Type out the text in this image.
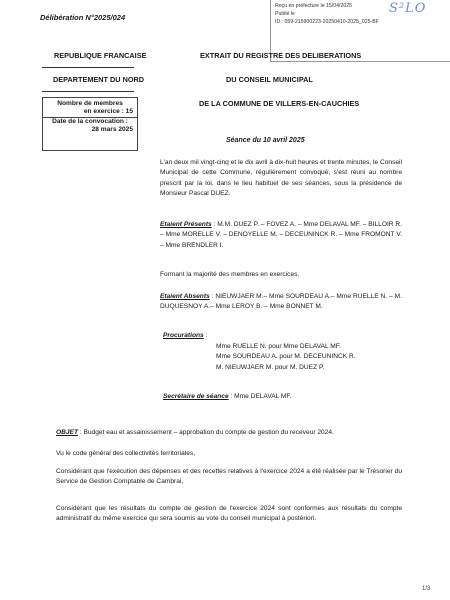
Reçu en préfecture le 15/04/2025
Publié le
ID : 059-215900223-20250410-2025_025-BF
S²LO
Délibération N°2025/024
REPUBLIQUE FRANCAISE
DEPARTEMENT DU NORD
EXTRAIT DU REGISTRE DES DELIBERATIONS
DU CONSEIL MUNICIPAL
DE LA COMMUNE DE VILLERS-EN-CAUCHIES
Nombre de membres
en exercice : 15
Date de la convocation :
28 mars 2025
Séance du 10 avril 2025
L'an deux mil vingt-cinq et le dix avril à dix-huit heures et trente minutes, le Conseil Municipal de cette Commune, régulièrement convoqué, s'est réuni au nombre prescrit par la loi, dans le lieu habituel de ses séances, sous la présidence de Monsieur Pascal DUEZ.
Etaient Présents : M.M. DUEZ P. – FOVEZ A. – Mme DELAVAL MF. – BILLOIR R. – Mme MORELLE V. – DENOYELLE M. – DECEUNINCK R. – Mme FROMONT V. – Mme BRENDLER I.
Formant la majorité des membres en exercices.
Etaient Absents : NIEUWJAER M.– Mme SOURDEAU A.– Mme RUELLE N. – M. DUQUESNOY A.– Mme LEROY B. – Mme BONNET M.
Procurations :
Mme RUELLE N. pour Mme DELAVAL MF.
Mme SOURDEAU A. pour M. DECEUNINCK R.
M. NIEUWJAER M. pour M. DUEZ P.
Secrétaire de séance : Mme DELAVAL MF.
OBJET : Budget eau et assainissement – approbation du compte de gestion du receveur 2024.
Vu le code général des collectivités territoriales,
Considérant que l'exécution des dépenses et des recettes relatives à l'exercice 2024 a été réalisée par le Trésorier du Service de Gestion Comptable de Cambrai,
Considérant que les résultats du compte de gestion de l'exercice 2024 sont conformes aux résultats du compte administratif du même exercice qui sera soumis au vote du conseil municipal à postériori.
1/3
